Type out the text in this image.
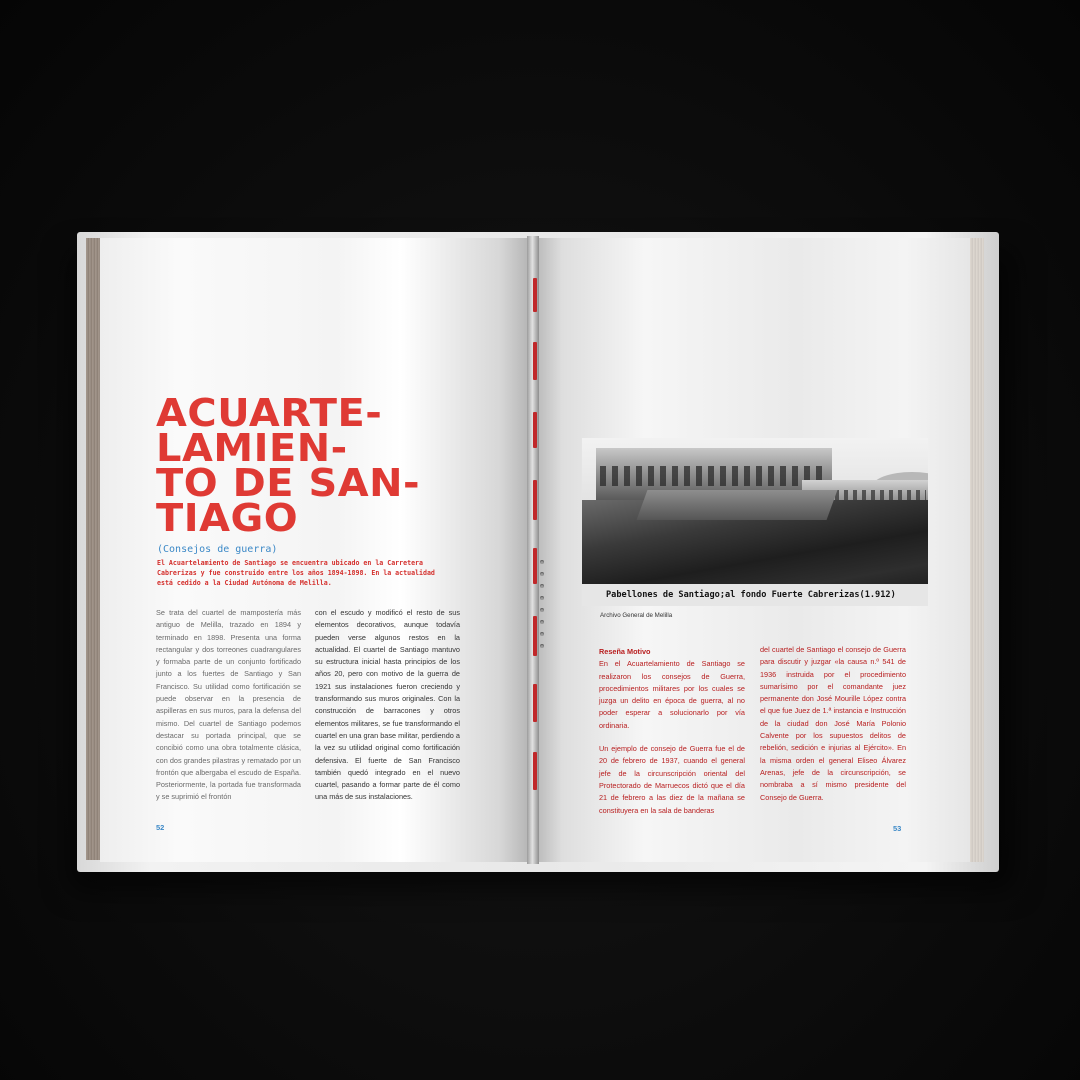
ACUARTE-
LAMIEN-
TO DE SAN-
TIAGO
(Consejos de guerra)
El Acuartelamiento de Santiago se encuentra ubicado en la Carretera Cabrerizas y fue construido entre los años 1894-1898. En la actualidad está cedido a la Ciudad Autónoma de Melilla.
Se trata del cuartel de mampostería más antiguo de Melilla, trazado en 1894 y terminado en 1898. Presenta una forma rectangular y dos torreones cuadrangulares y formaba parte de un conjunto fortificado junto a los fuertes de Santiago y San Francisco. Su utilidad como fortificación se puede observar en la presencia de aspilleras en sus muros, para la defensa del mismo. Del cuartel de Santiago podemos destacar su portada principal, que se concibió como una obra totalmente clásica, con dos grandes pilastras y rematado por un frontón que albergaba el escudo de España. Posteriormente, la portada fue transformada y se suprimió el frontón
con el escudo y modificó el resto de sus elementos decorativos, aunque todavía pueden verse algunos restos en la actualidad. El cuartel de Santiago mantuvo su estructura inicial hasta principios de los años 20, pero con motivo de la guerra de 1921 sus instalaciones fueron creciendo y transformando sus muros originales. Con la construcción de barracones y otros elementos militares, se fue transformando el cuartel en una gran base militar, perdiendo a la vez su utilidad original como fortificación defensiva. El fuerte de San Francisco también quedó integrado en el nuevo cuartel, pasando a formar parte de él como una más de sus instalaciones.
52
Pabellones de Santiago;al fondo Fuerte Cabrerizas(1.912)
Archivo General de Melilla

Reseña Motivo
En el Acuartelamiento de Santiago se realizaron los consejos de Guerra, procedimientos militares por los cuales se juzga un delito en época de guerra, al no poder esperar a solucionarlo por vía ordinaria.

Un ejemplo de consejo de Guerra fue el de 20 de febrero de 1937, cuando el general jefe de la circunscripción oriental del Protectorado de Marruecos dictó que el día 21 de febrero a las diez de la mañana se constituyera en la sala de banderas

del cuartel de Santiago el consejo de Guerra para discutir y juzgar «la causa n.º 541 de 1936 instruida por el procedimiento sumarísimo por el comandante juez permanente don José Mourille López contra el que fue Juez de 1.ª instancia e Instrucción de la ciudad don José María Polonio Calvente por los supuestos delitos de rebelión, sedición e injurias al Ejército». En la misma orden el general Eliseo Álvarez Arenas, jefe de la circunscripción, se nombraba a sí mismo presidente del Consejo de Guerra.
53
